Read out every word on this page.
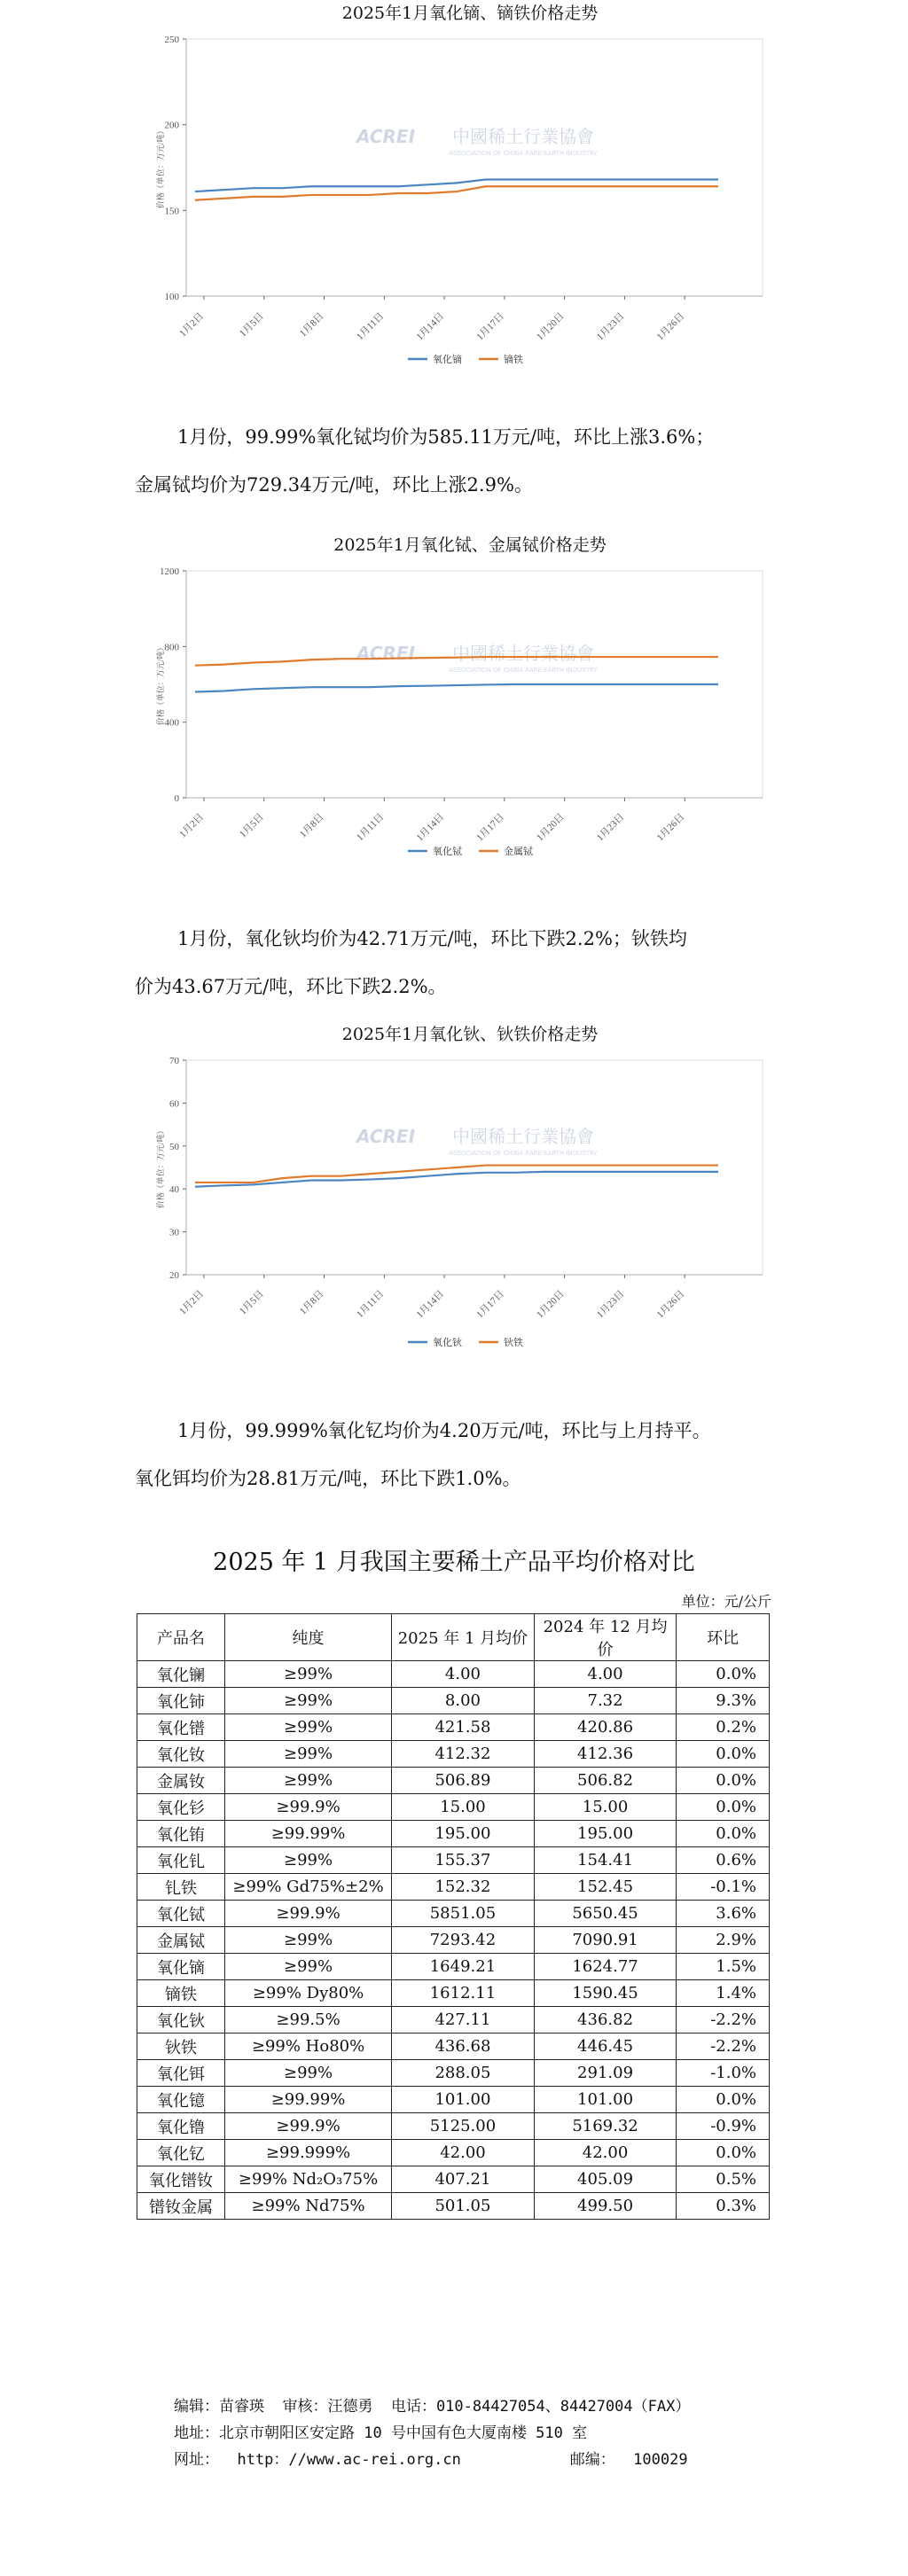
2025年1月氧化镝、镝铁价格走势
100
150
200
250
价格（单位：万元/吨）
1月2日	1月5日	1月8日	1月11日	1月14日	1月17日	1月20日	1月23日	1月26日
ACREI 中國稀土行業協會
ASSOCIATION OF CHINA RARE EARTH INDUSTRY
氧化镝	镝铁

1月份，99.99%氧化铽均价为585.11万元/吨，环比上涨3.6%；

金属铽均价为729.34万元/吨，环比上涨2.9%。
2025年1月氧化铽、金属铽价格走势
0
400
800
1200
价格（单位：万元/吨）
1月2日	1月5日	1月8日	1月11日	1月14日	1月17日	1月20日	1月23日	1月26日
ACREI 中國稀土行業協會
ASSOCIATION OF CHINA RARE EARTH INDUSTRY
氧化铽	金属铽

1月份，氧化钬均价为42.71万元/吨，环比下跌2.2%；钬铁均

价为43.67万元/吨，环比下跌2.2%。
2025年1月氧化钬、钬铁价格走势
20
30
40
50
60
70
价格（单位：万元/吨）
1月2日	1月5日	1月8日	1月11日	1月14日	1月17日	1月20日	1月23日	1月26日
ACREI 中國稀土行業協會
ASSOCIATION OF CHINA RARE EARTH INDUSTRY
氧化钬	钬铁

1月份，99.999%氧化钇均价为4.20万元/吨，环比与上月持平。

氧化铒均价为28.81万元/吨，环比下跌1.0%。
2025 年 1 月我国主要稀土产品平均价格对比
单位：元/公斤
产品名	纯度	2025 年 1 月均价	2024 年 12 月均价	环比
氧化镧	≥99%	4.00	4.00	0.0%
氧化铈	≥99%	8.00	7.32	9.3%
氧化镨	≥99%	421.58	420.86	0.2%
氧化钕	≥99%	412.32	412.36	0.0%
金属钕	≥99%	506.89	506.82	0.0%
氧化钐	≥99.9%	15.00	15.00	0.0%
氧化铕	≥99.99%	195.00	195.00	0.0%
氧化钆	≥99%	155.37	154.41	0.6%
钆铁	≥99% Gd75%±2%	152.32	152.45	-0.1%
氧化铽	≥99.9%	5851.05	5650.45	3.6%
金属铽	≥99%	7293.42	7090.91	2.9%
氧化镝	≥99%	1649.21	1624.77	1.5%
镝铁	≥99% Dy80%	1612.11	1590.45	1.4%
氧化钬	≥99.5%	427.11	436.82	-2.2%
钬铁	≥99% Ho80%	436.68	446.45	-2.2%
氧化铒	≥99%	288.05	291.09	-1.0%
氧化镱	≥99.99%	101.00	101.00	0.0%
氧化镥	≥99.9%	5125.00	5169.32	-0.9%
氧化钇	≥99.999%	42.00	42.00	0.0%
氧化镨钕	≥99% Nd₂O₃75%	407.21	405.09	0.5%
镨钕金属	≥99% Nd75%	501.05	499.50	0.3%
编辑：苗睿瑛  审核：汪德勇  电话：010-84427054、84427004（FAX）
地址：北京市朝阳区安定路 10 号中国有色大厦南楼 510 室
网址：  http：//www.ac-rei.org.cn            邮编：  100029
